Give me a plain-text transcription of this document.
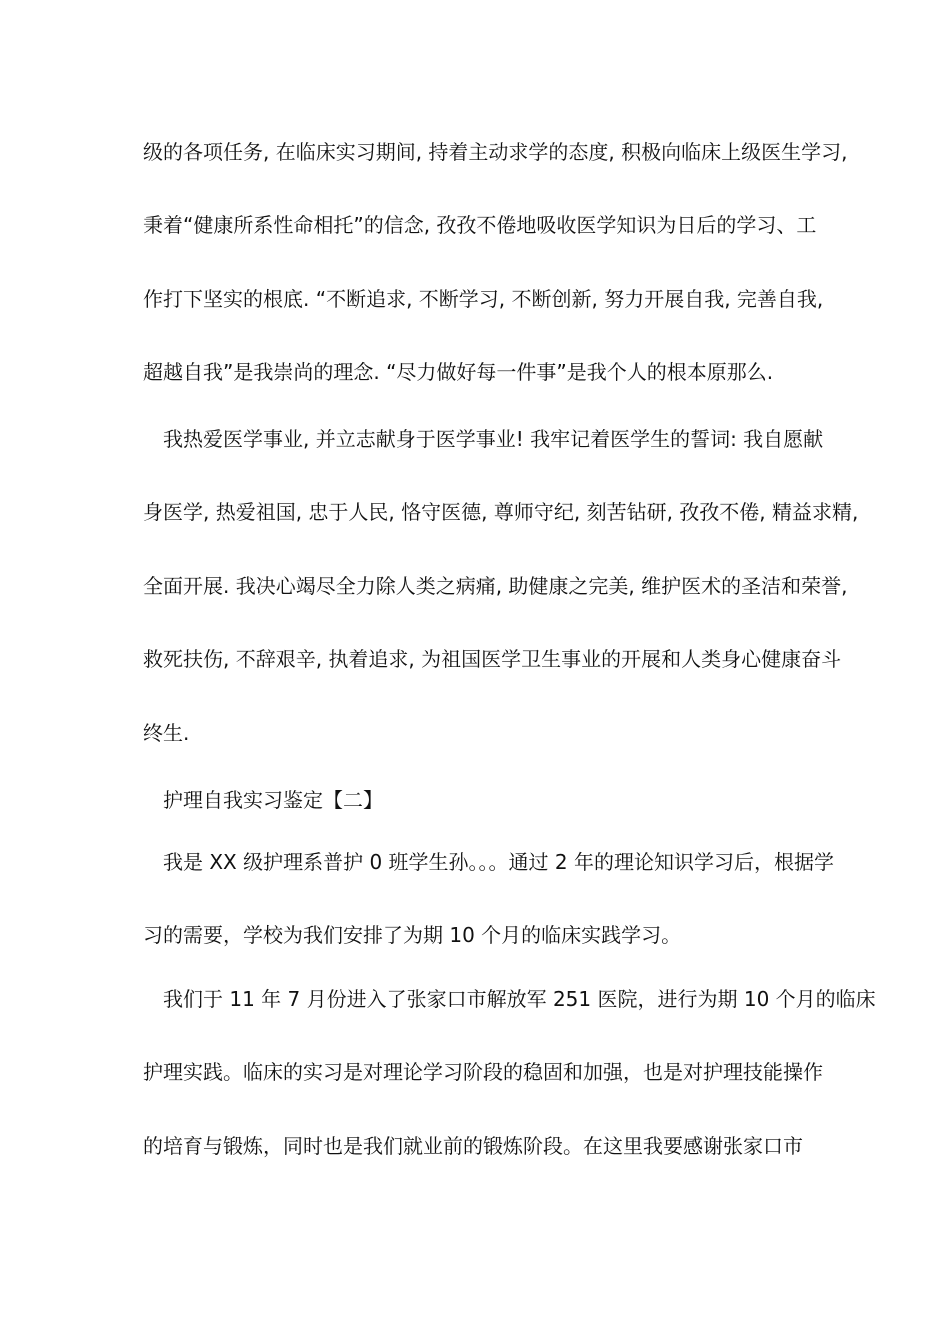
级的各项任务, 在临床实习期间, 持着主动求学的态度, 积极向临床上级医生学习,
秉着“健康所系性命相托”的信念, 孜孜不倦地吸收医学知识为日后的学习、工
作打下坚实的根底. “不断追求, 不断学习, 不断创新, 努力开展自我, 完善自我,
超越自我”是我崇尚的理念. “尽力做好每一件事”是我个人的根本原那么.
我热爱医学事业, 并立志献身于医学事业! 我牢记着医学生的誓词: 我自愿献
身医学, 热爱祖国, 忠于人民, 恪守医德, 尊师守纪, 刻苦钻研, 孜孜不倦, 精益求精,
全面开展. 我决心竭尽全力除人类之病痛, 助健康之完美, 维护医术的圣洁和荣誉,
救死扶伤, 不辞艰辛, 执着追求, 为祖国医学卫生事业的开展和人类身心健康奋斗
终生.
护理自我实习鉴定【二】
我是 XX 级护理系普护 0 班学生孙。。。通过 2 年的理论知识学习后，根据学
习的需要，学校为我们安排了为期 10 个月的临床实践学习。
我们于 11 年 7 月份进入了张家口市解放军 251 医院，进行为期 10 个月的临床
护理实践。临床的实习是对理论学习阶段的稳固和加强，也是对护理技能操作
的培育与锻炼，同时也是我们就业前的锻炼阶段。在这里我要感谢张家口市
